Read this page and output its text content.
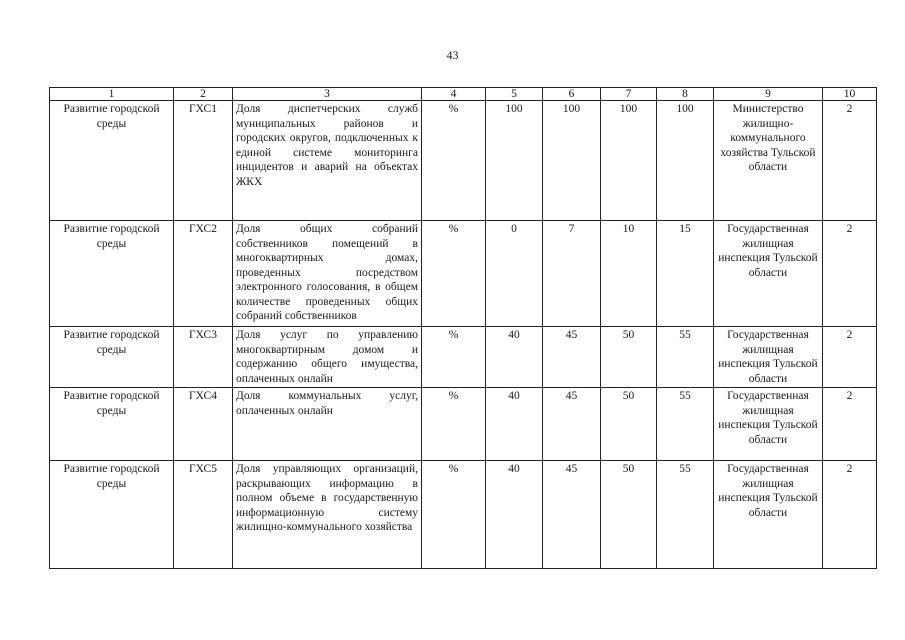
43
1	2	3	4	5	6	7	8	9	10
Развитие городской среды	ГХС1	Доля диспетчерских служб муниципальных районов и городских округов, подключенных к единой системе мониторинга инцидентов и аварий на объектах ЖКХ	%	100	100	100	100	Министерство жилищно-коммунального хозяйства Тульской области	2
Развитие городской среды	ГХС2	Доля общих собраний собственников помещений в многоквартирных домах, проведенных посредством электронного голосования, в общем количестве проведенных общих собраний собственников	%	0	7	10	15	Государственная жилищная инспекция Тульской области	2
Развитие городской среды	ГХС3	Доля услуг по управлению многоквартирным домом и содержанию общего имущества, оплаченных онлайн	%	40	45	50	55	Государственная жилищная инспекция Тульской области	2
Развитие городской среды	ГХС4	Доля коммунальных услуг, оплаченных онлайн	%	40	45	50	55	Государственная жилищная инспекция Тульской области	2
Развитие городской среды	ГХС5	Доля управляющих организаций, раскрывающих информацию в полном объеме в государственную информационную систему жилищно-коммунального хозяйства	%	40	45	50	55	Государственная жилищная инспекция Тульской области	2
